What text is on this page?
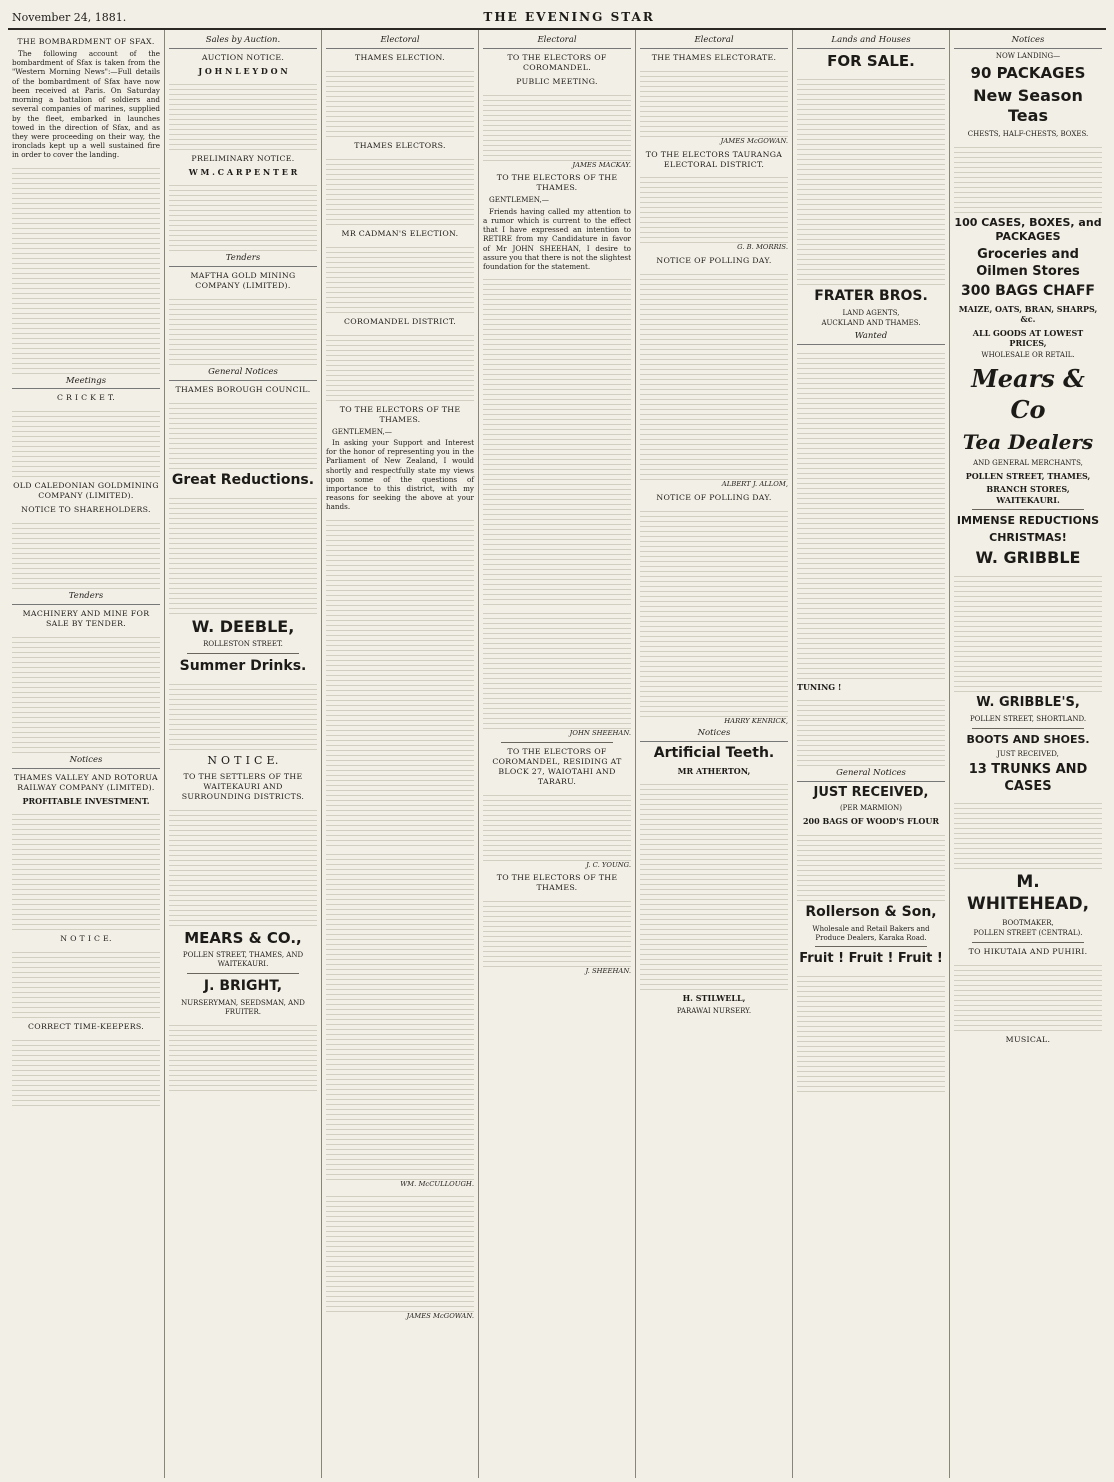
November 24, 1881.	THE EVENING STAR
THE BOMBARDMENT OF SFAX.
The following account of the bombardment of Sfax is taken from the "Western Morning News":—Full details of the bombardment of Sfax have now been received at Paris. On Saturday morning a battalion of soldiers and several companies of marines, supplied by the fleet, embarked in launches towed in the direction of Sfax, and as they were proceeding on their way, the ironclads kept up a well sustained fire in order to cover the landing.
Meetings
C R I C K E T.
OLD CALEDONIAN GOLDMINING COMPANY (LIMITED).
NOTICE TO SHAREHOLDERS.
Tenders
MACHINERY AND MINE FOR SALE BY TENDER.
Notices
THAMES VALLEY AND ROTORUA RAILWAY COMPANY (LIMITED).
PROFITABLE INVESTMENT.
N O T I C E.
CORRECT TIME-KEEPERS.
Sales by Auction.
AUCTION NOTICE.
J O H N L E Y D O N
PRELIMINARY NOTICE.
W M . C A R P E N T E R
Tenders
MAFTHA GOLD MINING COMPANY (LIMITED).
General Notices
THAMES BOROUGH COUNCIL.
Great Reductions.
W. DEEBLE,
ROLLESTON STREET.
Summer Drinks.
N O T I C E.
TO THE SETTLERS OF THE WAITEKAURI AND SURROUNDING DISTRICTS.
MEARS & CO.,
POLLEN STREET, THAMES, AND WAITEKAURI.
J. BRIGHT,
NURSERYMAN, SEEDSMAN, AND FRUITER.
Electoral
THAMES ELECTION.
THAMES ELECTORS.
MR CADMAN'S ELECTION.
COROMANDEL DISTRICT.
TO THE ELECTORS OF THE THAMES.
GENTLEMEN,—
In asking your Support and Interest for the honor of representing you in the Parliament of New Zealand, I would shortly and respectfully state my views upon some of the questions of importance to this district, with my reasons for seeking the above at your hands.
WM. McCULLOUGH.
JAMES McGOWAN.
Electoral
TO THE ELECTORS OF COROMANDEL.
PUBLIC MEETING.
JAMES MACKAY.
TO THE ELECTORS OF THE THAMES.
GENTLEMEN,—
Friends having called my attention to a rumor which is current to the effect that I have expressed an intention to RETIRE from my Candidature in favor of Mr JOHN SHEEHAN, I desire to assure you that there is not the slightest foundation for the statement.
JOHN SHEEHAN.
TO THE ELECTORS OF COROMANDEL, RESIDING AT BLOCK 27, WAIOTAHI AND TARARU.
J. C. YOUNG.
TO THE ELECTORS OF THE THAMES.
J. SHEEHAN.
Electoral
THE THAMES ELECTORATE.
JAMES McGOWAN.
TO THE ELECTORS TAURANGA ELECTORAL DISTRICT.
G. B. MORRIS.
NOTICE OF POLLING DAY.
ALBERT J. ALLOM,
NOTICE OF POLLING DAY.
HARRY KENRICK,
Notices
Artificial Teeth.
MR ATHERTON,
H. STILWELL,
PARAWAI NURSERY.
Lands and Houses
FOR SALE.
FRATER BROS.
LAND AGENTS,
AUCKLAND AND THAMES.
Wanted
TUNING !
General Notices
JUST RECEIVED,
(PER MARMION)
200 BAGS OF WOOD'S FLOUR
Rollerson & Son,
Wholesale and Retail Bakers and Produce Dealers, Karaka Road.
Fruit ! Fruit ! Fruit !
Notices
NOW LANDING—
90 PACKAGES
New Season Teas
CHESTS, HALF-CHESTS, BOXES.
100 CASES, BOXES, and PACKAGES
Groceries and Oilmen Stores
300 BAGS CHAFF
MAIZE, OATS, BRAN, SHARPS, &c.
ALL GOODS AT LOWEST PRICES,
WHOLESALE OR RETAIL.
Mears & Co
Tea Dealers
AND GENERAL MERCHANTS,
POLLEN STREET, THAMES,
BRANCH STORES, WAITEKAURI.
IMMENSE REDUCTIONS
CHRISTMAS!
W. GRIBBLE
W. GRIBBLE'S,
POLLEN STREET, SHORTLAND.
BOOTS AND SHOES.
JUST RECEIVED,
13 TRUNKS AND CASES
M. WHITEHEAD,
BOOTMAKER,
POLLEN STREET (CENTRAL).
TO HIKUTAIA AND PUHIRI.
MUSICAL.
